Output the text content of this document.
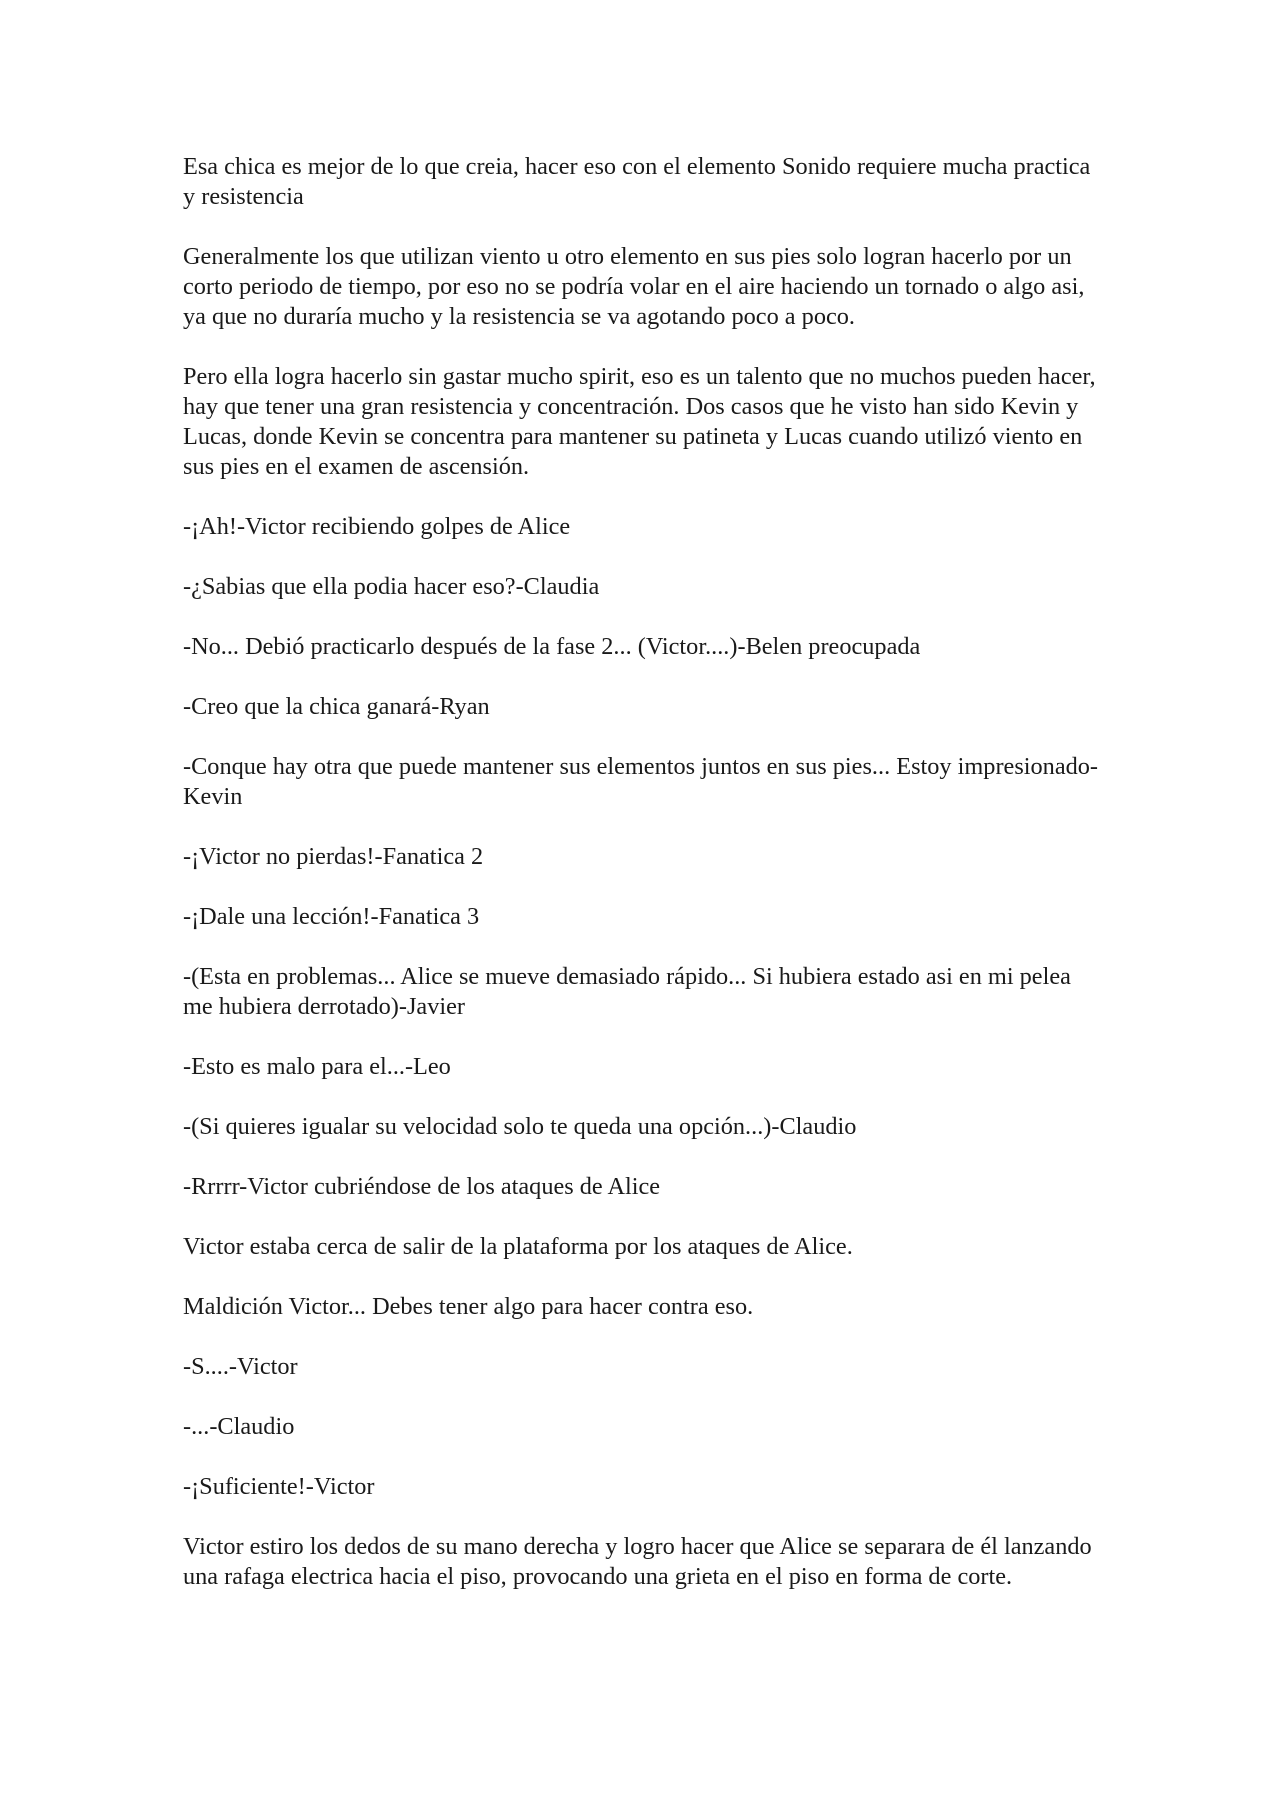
Esa chica es mejor de lo que creia, hacer eso con el elemento Sonido requiere mucha practica y resistencia

Generalmente los que utilizan viento u otro elemento en sus pies solo logran hacerlo por un corto periodo de tiempo, por eso no se podría volar en el aire haciendo un tornado o algo asi, ya que no duraría mucho y la resistencia se va agotando poco a poco.

Pero ella logra hacerlo sin gastar mucho spirit, eso es un talento que no muchos pueden hacer, hay que tener una gran resistencia y concentración. Dos casos que he visto han sido Kevin y Lucas, donde Kevin se concentra para mantener su patineta y Lucas cuando utilizó viento en sus pies en el examen de ascensión.

-¡Ah!-Victor recibiendo golpes de Alice

-¿Sabias que ella podia hacer eso?-Claudia

-No... Debió practicarlo después de la fase 2... (Victor....)-Belen preocupada

-Creo que la chica ganará-Ryan

-Conque hay otra que puede mantener sus elementos juntos en sus pies... Estoy impresionado-Kevin

-¡Victor no pierdas!-Fanatica 2

-¡Dale una lección!-Fanatica 3

-(Esta en problemas... Alice se mueve demasiado rápido... Si hubiera estado asi en mi pelea me hubiera derrotado)-Javier

-Esto es malo para el...-Leo

-(Si quieres igualar su velocidad solo te queda una opción...)-Claudio

-Rrrrr-Victor cubriéndose de los ataques de Alice

Victor estaba cerca de salir de la plataforma por los ataques de Alice.

Maldición Victor... Debes tener algo para hacer contra eso.

-S....-Victor

-...-Claudio

-¡Suficiente!-Victor

Victor estiro los dedos de su mano derecha y logro hacer que Alice se separara de él lanzando una rafaga electrica hacia el piso, provocando una grieta en el piso en forma de corte.
